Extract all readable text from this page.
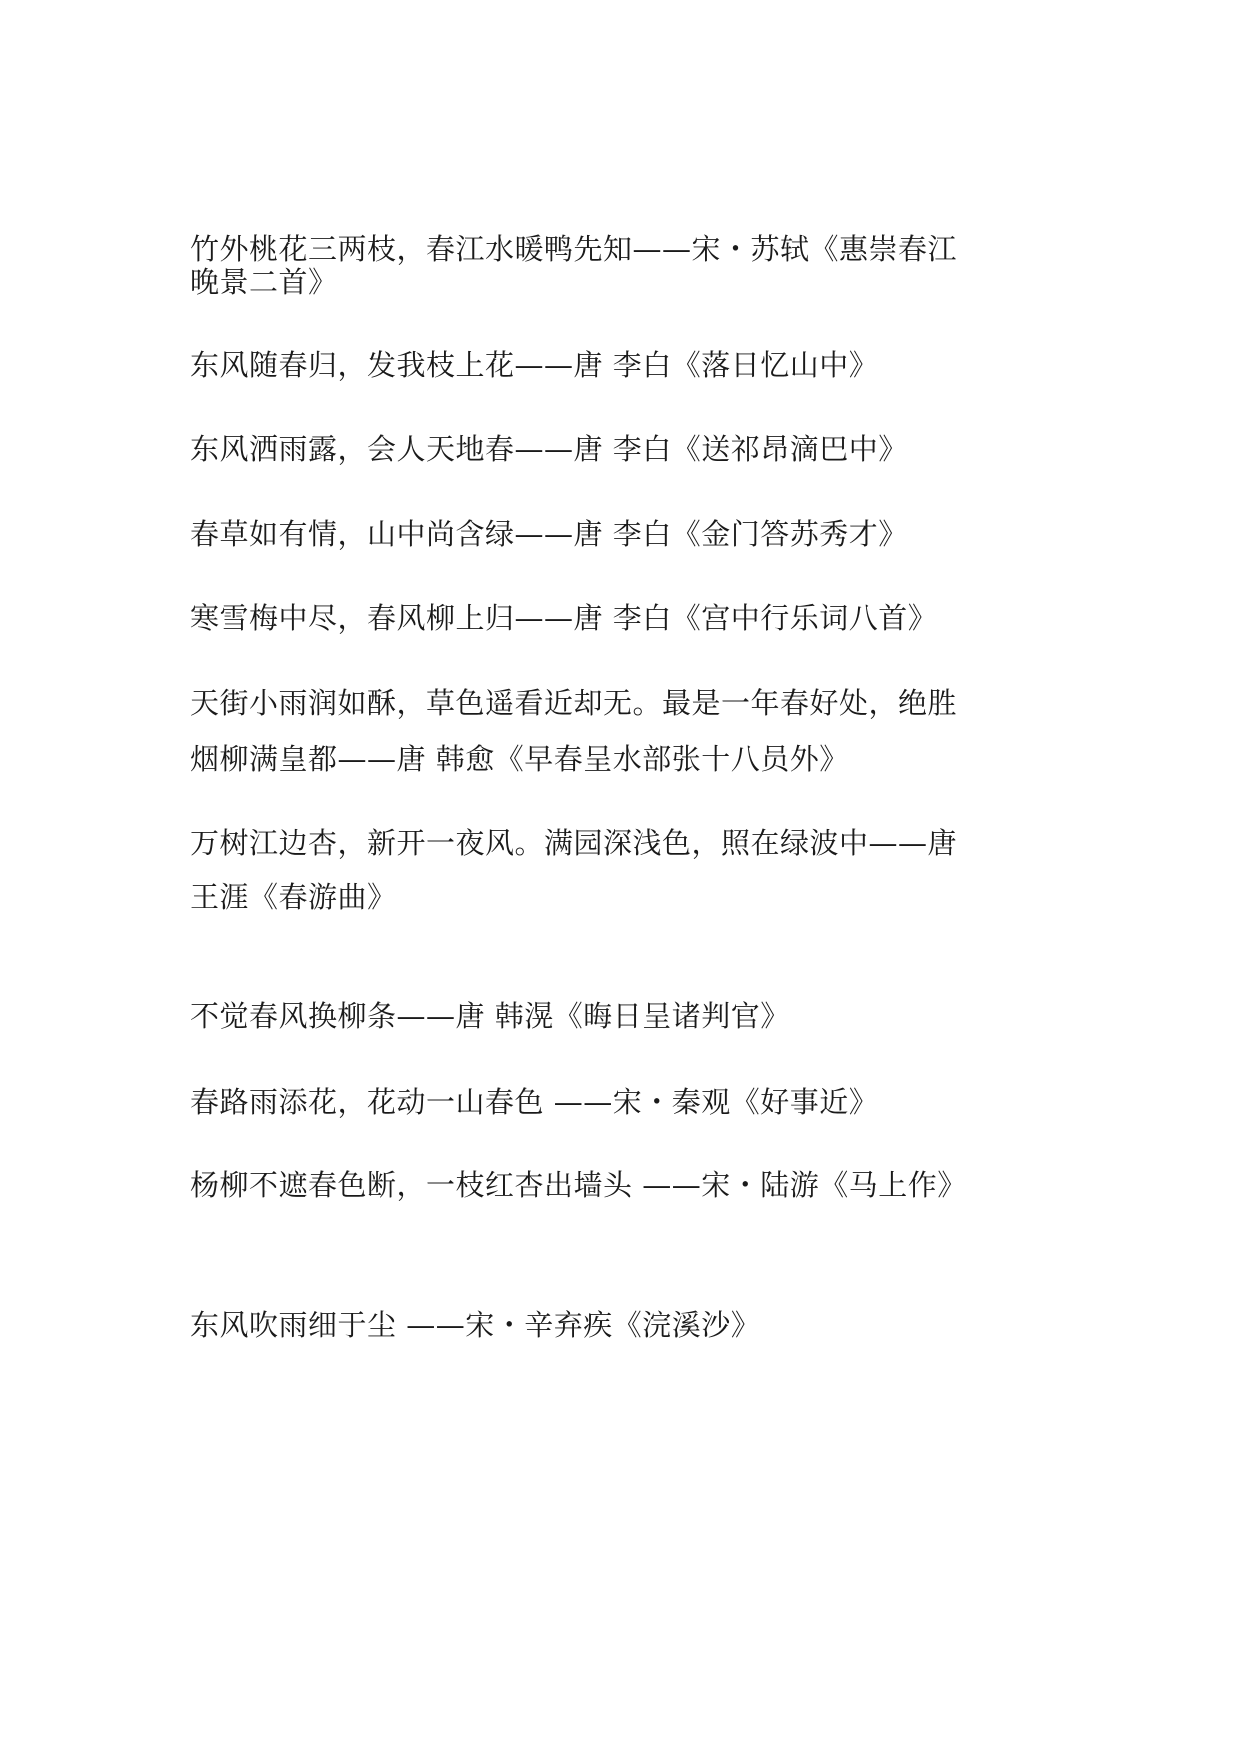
竹外桃花三两枝，春江水暖鸭先知——宋・苏轼《惠崇春江

晚景二首》

东风随春归，发我枝上花——唐 李白《落日忆山中》

东风洒雨露，会人天地春——唐 李白《送祁昂滴巴中》

春草如有情，山中尚含绿——唐 李白《金门答苏秀才》

寒雪梅中尽，春风柳上归——唐 李白《宫中行乐词八首》

天街小雨润如酥，草色遥看近却无。最是一年春好处，绝胜

烟柳满皇都——唐 韩愈《早春呈水部张十八员外》

万树江边杏，新开一夜风。满园深浅色，照在绿波中——唐

王涯《春游曲》

不觉春风换柳条——唐 韩滉《晦日呈诸判官》

春路雨添花，花动一山春色 ——宋・秦观《好事近》

杨柳不遮春色断，一枝红杏出墙头 ——宋・陆游《马上作》

东风吹雨细于尘 ——宋・辛弃疾《浣溪沙》
